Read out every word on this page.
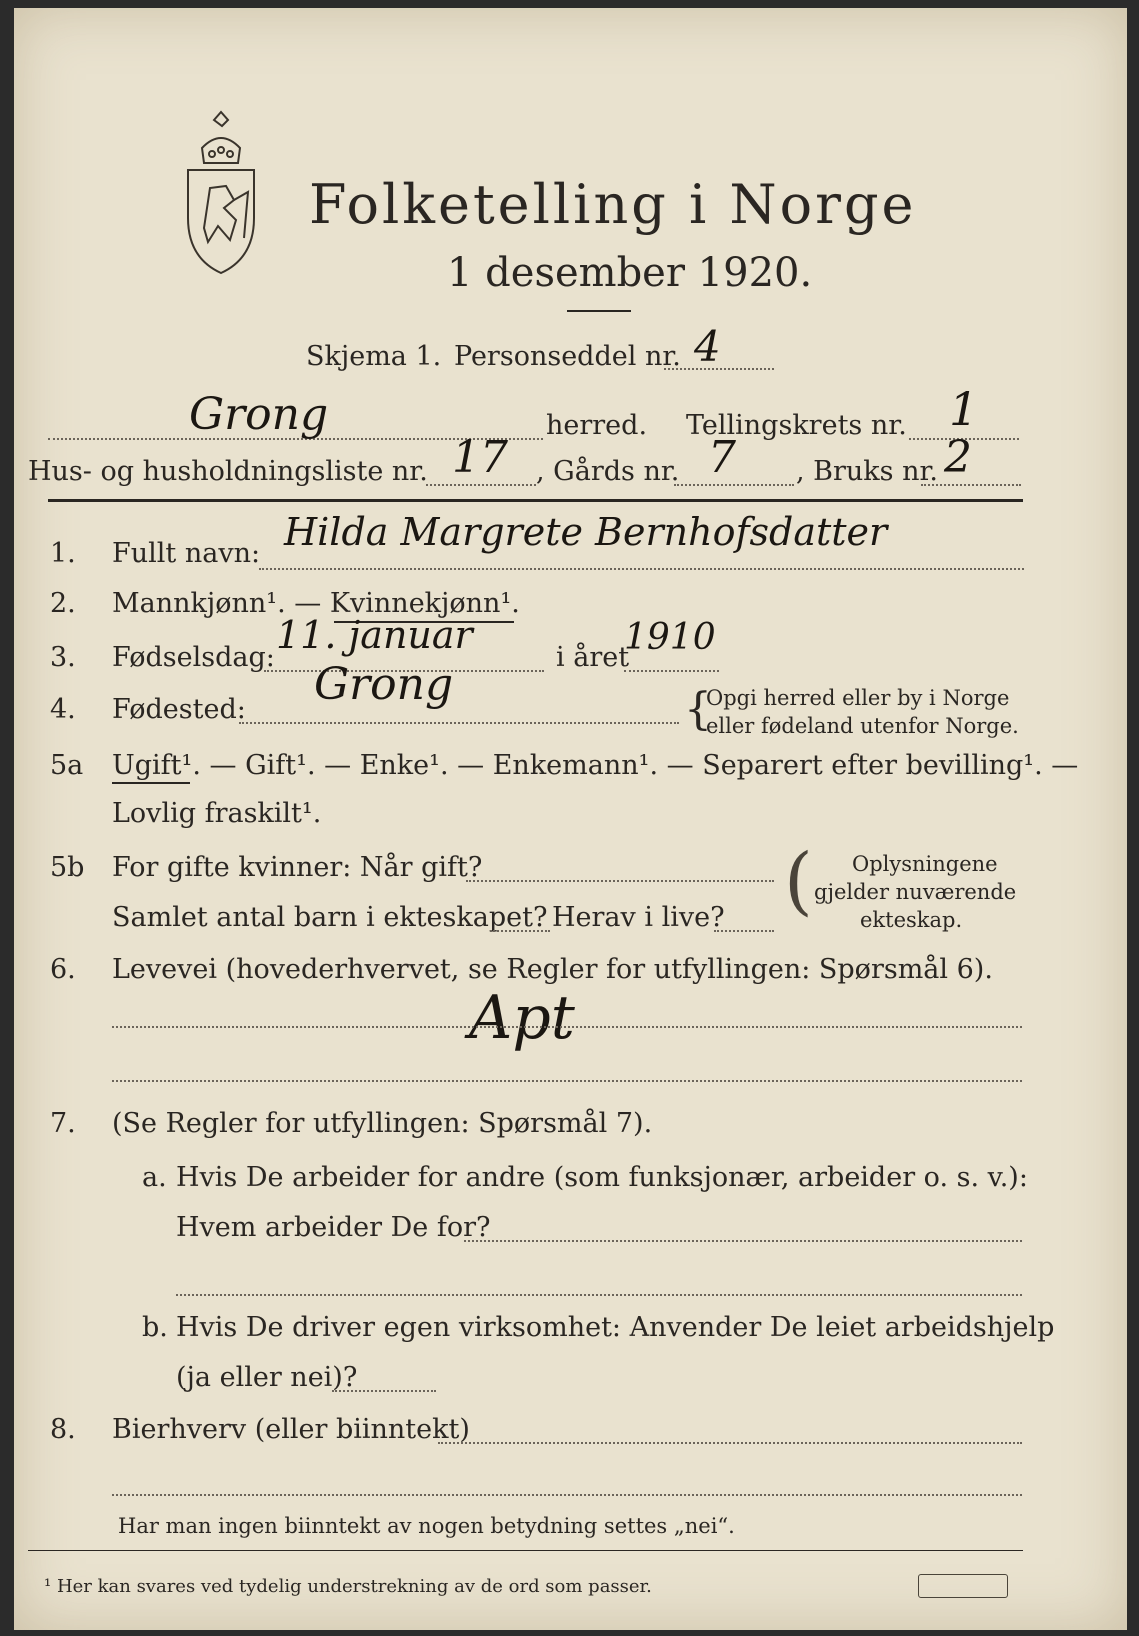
Folketelling i Norge
1 desember 1920.
Skjema 1. Personseddel nr. 4
Grong	herred. Tellingskrets nr. 1
Hus- og husholdningsliste nr. 17 , Gårds nr. 7 , Bruks nr. 2
1. Fullt navn: Hilda Margrete Bernhofsdatter
2. Mannkjønn¹. — Kvinnekjønn¹.
3. Fødselsdag:
11. januar
i året
1910
4. Fødested: Grong	{
Opgi herred eller by i Norge
eller fødeland utenfor Norge.
5a Ugift¹. — Gift¹. — Enke¹. — Enkemann¹. — Separert efter bevilling¹. —
Lovlig fraskilt¹.
5b For gifte kvinner: Når gift?
Samlet antal barn i ekteskapet? Herav i live? ( Oplysningene
gjelder nuværende
ekteskap.
6. Levevei (hovederhvervet, se Regler for utfyllingen: Spørsmål 6).
Apt
7. (Se Regler for utfyllingen: Spørsmål 7).
a. Hvis De arbeider for andre (som funksjonær, arbeider o. s. v.):
Hvem arbeider De for?
b. Hvis De driver egen virksomhet: Anvender De leiet arbeidshjelp
(ja eller nei)?
8. Bierhverv (eller biinntekt)
Har man ingen biinntekt av nogen betydning settes „nei“.
¹ Her kan svares ved tydelig understrekning av de ord som passer.
